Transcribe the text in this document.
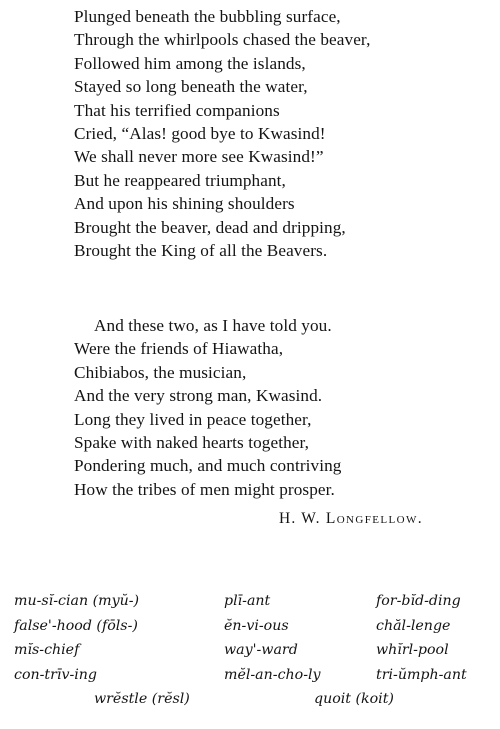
Plunged beneath the bubbling surface,
Through the whirlpools chased the beaver,
Followed him among the islands,
Stayed so long beneath the water,
That his terrified companions
Cried, “Alas! good bye to Kwasind!
We shall never more see Kwasind!”
But he reappeared triumphant,
And upon his shining shoulders
Brought the beaver, dead and dripping,
Brought the King of all the Beavers.
And these two, as I have told you.
Were the friends of Hiawatha,
Chibiabos, the musician,
And the very strong man, Kwasind.
Long they lived in peace together,
Spake with naked hearts together,
Pondering much, and much contriving
How the tribes of men might prosper.
H. W. Longfellow.
mu-sĭ-cian (myŭ-)	plī-ant	for-bĭd-ding
false'-hood (fōls-)	ĕn-vi-ous	chăl-lenge
mĭs-chief	way'-ward	whĭrl-pool
con-trīv-ing	mĕl-an-cho-ly	tri-ŭmph-ant
wrĕstle (rĕsl)	quoit (koit)
